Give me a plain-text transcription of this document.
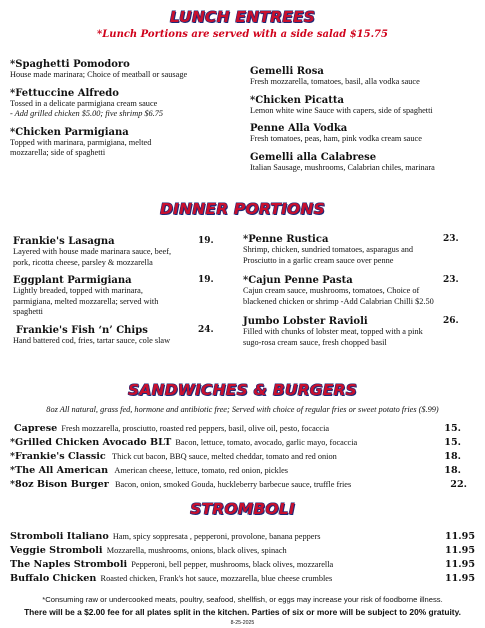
LUNCH ENTREES
*Lunch Portions are served with a side salad $15.75
*Spaghetti Pomodoro
House made marinara; Choice of meatball or sausage
*Fettuccine Alfredo
Tossed in a delicate parmigiana cream sauce
- Add grilled chicken $5.00; five shrimp $6.75
*Chicken Parmigiana
Topped with marinara, parmigiana, melted
mozzarella; side of spaghetti
Gemelli Rosa
Fresh mozzarella, tomatoes, basil, alla vodka sauce
*Chicken Picatta
Lemon white wine Sauce with capers, side of spaghetti
Penne Alla Vodka
Fresh tomatoes, peas, ham, pink vodka cream sauce
Gemelli alla Calabrese
Italian Sausage, mushrooms, Calabrian chiles, marinara
DINNER PORTIONS
Frankie's Lasagna	19.
Layered with house made marinara sauce, beef,
pork, ricotta cheese, parsley & mozzarella
Eggplant Parmigiana	19.
Lightly breaded, topped with marinara,
parmigiana, melted mozzarella; served with
spaghetti
Frankie's Fish ‘n’ Chips	24.
Hand battered cod, fries, tartar sauce, cole slaw
*Penne Rustica	23.
Shrimp, chicken, sundried tomatoes, asparagus and
Prosciutto in a garlic cream sauce over penne
*Cajun Penne Pasta	23.
Cajun cream sauce, mushrooms, tomatoes, Choice of
blackened chicken or shrimp -Add Calabrian Chilli $2.50
Jumbo Lobster Ravioli	26.
Filled with chunks of lobster meat, topped with a pink
sugo-rosa cream sauce, fresh chopped basil
SANDWICHES & BURGERS
8oz All natural, grass fed, hormone and antibiotic free; Served with choice of regular fries or sweet potato fries ($.99)
Caprese Fresh mozzarella, prosciutto, roasted red peppers, basil, olive oil, pesto, focaccia	15.
*Grilled Chicken Avocado BLT Bacon, lettuce, tomato, avocado, garlic mayo, focaccia	15.
*Frankie's Classic Thick cut bacon, BBQ sauce, melted cheddar, tomato and red onion	18.
*The All American American cheese, lettuce, tomato, red onion, pickles	18.
*8oz Bison Burger Bacon, onion, smoked Gouda, huckleberry barbecue sauce, truffle fries	22.
STROMBOLI
Stromboli Italiano Ham, spicy soppresata , pepperoni, provolone, banana peppers	11.95
Veggie Stromboli Mozzarella, mushrooms, onions, black olives, spinach	11.95
The Naples Stromboli Pepperoni, bell pepper, mushrooms, black olives, mozzarella	11.95
Buffalo Chicken Roasted chicken, Frank's hot sauce, mozzarella, blue cheese crumbles	11.95
*Consuming raw or undercooked meats, poultry, seafood, shellfish, or eggs may increase your risk of foodborne illness.
There will be a $2.00 fee for all plates split in the kitchen. Parties of six or more will be subject to 20% gratuity.
8-25-2025
